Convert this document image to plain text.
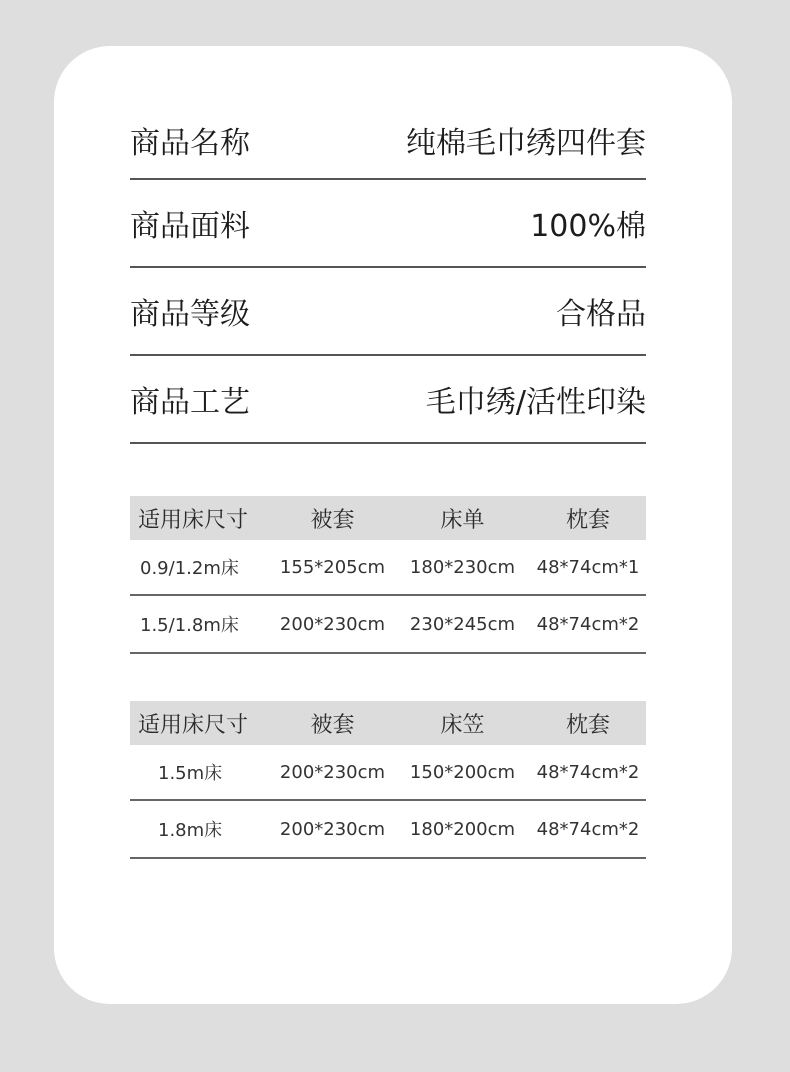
商品名称	纯棉毛巾绣四件套
商品面料	100%棉
商品等级	合格品
商品工艺	毛巾绣/活性印染
适用床尺寸	被套	床单	枕套
0.9/1.2m床	155*205cm	180*230cm	48*74cm*1
1.5/1.8m床	200*230cm	230*245cm	48*74cm*2
适用床尺寸	被套	床笠	枕套
1.5m床	200*230cm	150*200cm	48*74cm*2
1.8m床	200*230cm	180*200cm	48*74cm*2
